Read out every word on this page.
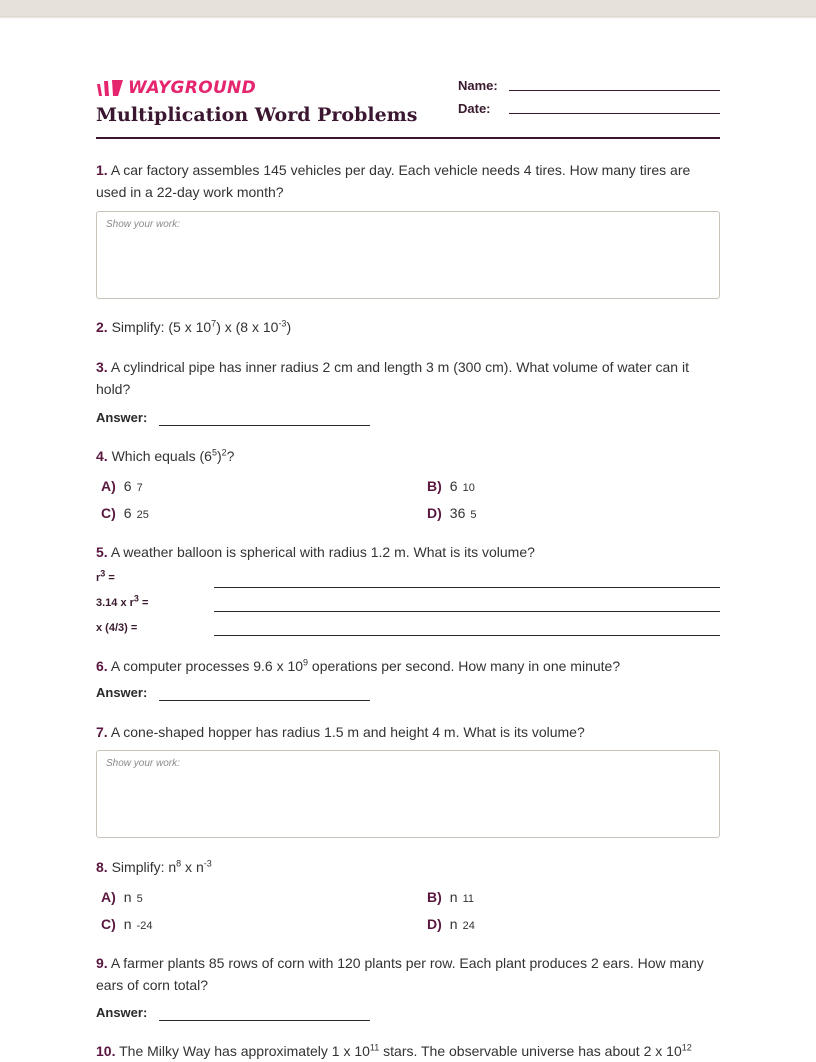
WAYGROUND
Multiplication Word Problems
Name:
Date:
1. A car factory assembles 145 vehicles per day. Each vehicle needs 4 tires. How many tires are used in a 22-day work month?
Show your work:
2. Simplify: (5 x $10^7$) x (8 x $10^{-3}$)
3. A cylindrical pipe has inner radius 2 cm and length 3 m (300 cm). What volume of water can it hold?
Answer:
4. Which equals $(6^5)^2$?
A) 6 7	B) 6 10
C) 6 25	D) 36 5
5. A weather balloon is spherical with radius 1.2 m. What is its volume?
$r^3$ =
3.14 x $r^3$ =
x (4/3) =
6. A computer processes 9.6 x $10^9$ operations per second. How many in one minute?
Answer:
7. A cone-shaped hopper has radius 1.5 m and height 4 m. What is its volume?
Show your work:
8. Simplify: $n^8$ x $n^{-3}$
A) n 5	B) n 11
C) n -24	D) n 24
9. A farmer plants 85 rows of corn with 120 plants per row. Each plant produces 2 ears. How many ears of corn total?
Answer:
10. The Milky Way has approximately 1 x $10^{11}$ stars. The observable universe has about 2 x $10^{12}$
